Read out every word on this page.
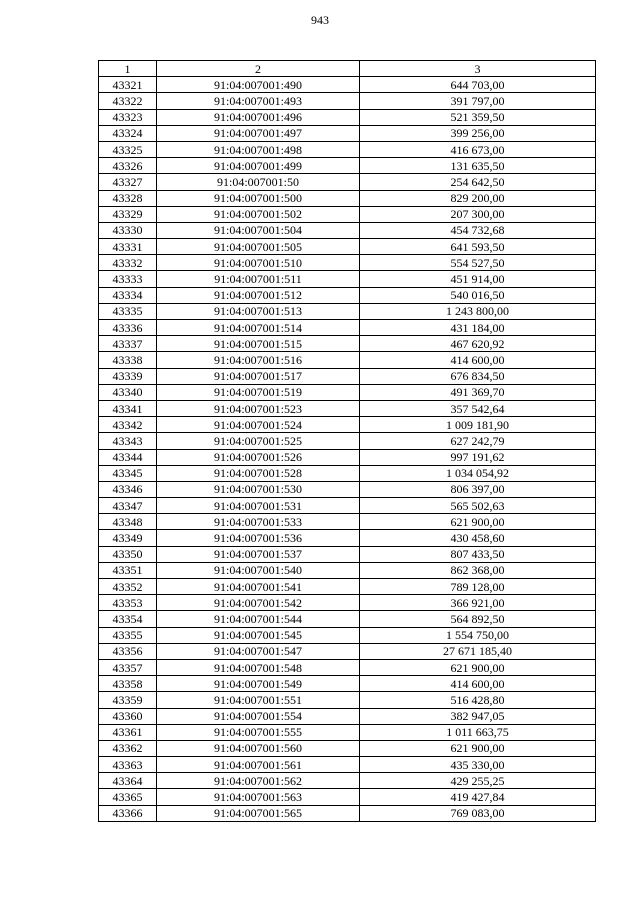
943
1	2	3
43321	91:04:007001:490	644 703,00
43322	91:04:007001:493	391 797,00
43323	91:04:007001:496	521 359,50
43324	91:04:007001:497	399 256,00
43325	91:04:007001:498	416 673,00
43326	91:04:007001:499	131 635,50
43327	91:04:007001:50	254 642,50
43328	91:04:007001:500	829 200,00
43329	91:04:007001:502	207 300,00
43330	91:04:007001:504	454 732,68
43331	91:04:007001:505	641 593,50
43332	91:04:007001:510	554 527,50
43333	91:04:007001:511	451 914,00
43334	91:04:007001:512	540 016,50
43335	91:04:007001:513	1 243 800,00
43336	91:04:007001:514	431 184,00
43337	91:04:007001:515	467 620,92
43338	91:04:007001:516	414 600,00
43339	91:04:007001:517	676 834,50
43340	91:04:007001:519	491 369,70
43341	91:04:007001:523	357 542,64
43342	91:04:007001:524	1 009 181,90
43343	91:04:007001:525	627 242,79
43344	91:04:007001:526	997 191,62
43345	91:04:007001:528	1 034 054,92
43346	91:04:007001:530	806 397,00
43347	91:04:007001:531	565 502,63
43348	91:04:007001:533	621 900,00
43349	91:04:007001:536	430 458,60
43350	91:04:007001:537	807 433,50
43351	91:04:007001:540	862 368,00
43352	91:04:007001:541	789 128,00
43353	91:04:007001:542	366 921,00
43354	91:04:007001:544	564 892,50
43355	91:04:007001:545	1 554 750,00
43356	91:04:007001:547	27 671 185,40
43357	91:04:007001:548	621 900,00
43358	91:04:007001:549	414 600,00
43359	91:04:007001:551	516 428,80
43360	91:04:007001:554	382 947,05
43361	91:04:007001:555	1 011 663,75
43362	91:04:007001:560	621 900,00
43363	91:04:007001:561	435 330,00
43364	91:04:007001:562	429 255,25
43365	91:04:007001:563	419 427,84
43366	91:04:007001:565	769 083,00
